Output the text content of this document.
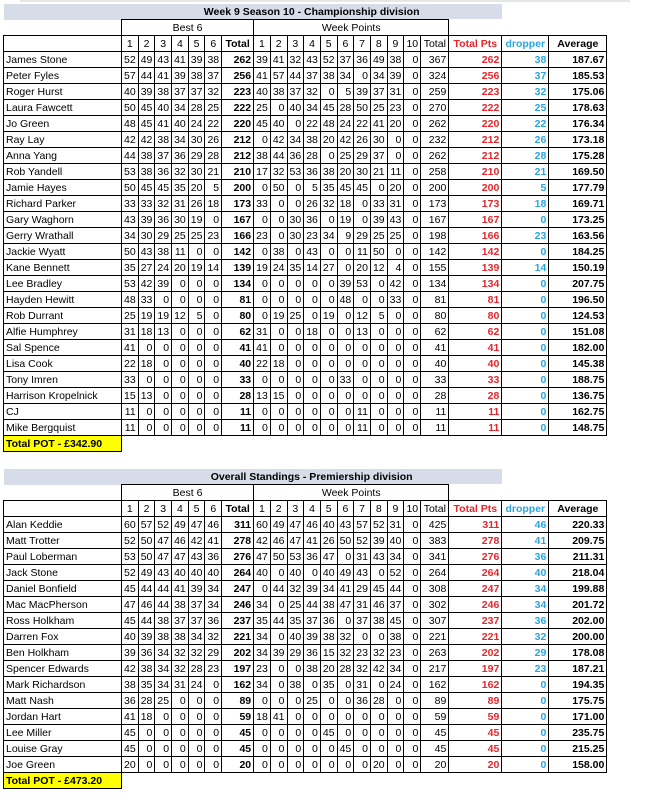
	Week 9 Season 10 - Championship division																				
	Best 6							Week Points													
	1	2	3	4	5	6	Total	1	2	3	4	5	6	7	8	9	10	Total	Total Pts	dropper	Average
James Stone	52	49	43	41	39	38	262	39	41	32	43	52	37	36	49	38	0	367	262	38	187.67
Peter Fyles	57	44	41	39	38	37	256	41	57	44	37	38	34	0	34	39	0	324	256	37	185.53
Roger Hurst	40	39	38	37	37	32	223	40	38	37	32	0	5	39	37	31	0	259	223	32	175.06
Laura Fawcett	50	45	40	34	28	25	222	25	0	40	34	45	28	50	25	23	0	270	222	25	178.63
Jo Green	48	45	41	40	24	22	220	45	40	0	22	48	24	22	41	20	0	262	220	22	176.34
Ray Lay	42	42	38	34	30	26	212	0	42	34	38	20	42	26	30	0	0	232	212	26	173.18
Anna Yang	44	38	37	36	29	28	212	38	44	36	28	0	25	29	37	0	0	262	212	28	175.28
Rob Yandell	53	38	36	32	30	21	210	17	32	53	36	38	20	30	21	11	0	258	210	21	169.50
Jamie Hayes	50	45	45	35	20	5	200	0	50	0	5	35	45	45	0	20	0	200	200	5	177.79
Richard Parker	33	33	32	31	26	18	173	33	0	0	26	32	18	0	33	31	0	173	173	18	169.71
Gary Waghorn	43	39	36	30	19	0	167	0	0	30	36	0	19	0	39	43	0	167	167	0	173.25
Gerry Wrathall	34	30	29	25	25	23	166	23	0	30	23	34	9	29	25	25	0	198	166	23	163.56
Jackie Wyatt	50	43	38	11	0	0	142	0	38	0	43	0	0	11	50	0	0	142	142	0	184.25
Kane Bennett	35	27	24	20	19	14	139	19	24	35	14	27	0	20	12	4	0	155	139	14	150.19
Lee Bradley	53	42	39	0	0	0	134	0	0	0	0	0	39	53	0	42	0	134	134	0	207.75
Hayden Hewitt	48	33	0	0	0	0	81	0	0	0	0	0	48	0	0	33	0	81	81	0	196.50
Rob Durrant	25	19	19	12	5	0	80	0	19	25	0	19	0	12	5	0	0	80	80	0	124.53
Alfie Humphrey	31	18	13	0	0	0	62	31	0	0	18	0	0	13	0	0	0	62	62	0	151.08
Sal Spence	41	0	0	0	0	0	41	41	0	0	0	0	0	0	0	0	0	41	41	0	182.00
Lisa Cook	22	18	0	0	0	0	40	22	18	0	0	0	0	0	0	0	0	40	40	0	145.38
Tony Imren	33	0	0	0	0	0	33	0	0	0	0	0	33	0	0	0	0	33	33	0	188.75
Harrison Kropelnick	15	13	0	0	0	0	28	13	15	0	0	0	0	0	0	0	0	28	28	0	136.75
CJ	11	0	0	0	0	0	11	0	0	0	0	0	0	11	0	0	0	11	11	0	162.75
Mike Bergquist	11	0	0	0	0	0	11	0	0	0	0	0	0	11	0	0	0	11	11	0	148.75
Total POT - £342.90																					
	Overall Standings - Premiership division																				
	Best 6							Week Points													
	1	2	3	4	5	6	Total	1	2	3	4	5	6	7	8	9	10	Total	Total Pts	dropper	Average
Alan Keddie	60	57	52	49	47	46	311	60	49	47	46	40	43	57	52	31	0	425	311	46	220.33
Matt Trotter	52	50	47	46	42	41	278	42	46	47	41	26	50	52	39	40	0	383	278	41	209.75
Paul Loberman	53	50	47	47	43	36	276	47	50	53	36	47	0	31	43	34	0	341	276	36	211.31
Jack Stone	52	49	43	40	40	40	264	40	0	40	0	40	49	43	0	52	0	264	264	40	218.04
Daniel Bonfield	45	44	44	41	39	34	247	0	44	32	39	34	41	29	45	44	0	308	247	34	199.88
Mac MacPherson	47	46	44	38	37	34	246	34	0	25	44	38	47	31	46	37	0	302	246	34	201.72
Ross Holkham	45	44	38	37	37	36	237	35	44	35	37	36	0	37	38	45	0	307	237	36	202.00
Darren Fox	40	39	38	38	34	32	221	34	0	40	39	38	32	0	0	38	0	221	221	32	200.00
Ben Holkham	39	36	34	32	32	29	202	34	39	29	36	15	32	23	32	23	0	263	202	29	178.08
Spencer Edwards	42	38	34	32	28	23	197	23	0	0	38	20	28	32	42	34	0	217	197	23	187.21
Mark Richardson	38	35	34	31	24	0	162	34	0	38	0	35	0	31	0	24	0	162	162	0	194.35
Matt Nash	36	28	25	0	0	0	89	0	0	0	25	0	0	36	28	0	0	89	89	0	175.75
Jordan Hart	41	18	0	0	0	0	59	18	41	0	0	0	0	0	0	0	0	59	59	0	171.00
Lee Miller	45	0	0	0	0	0	45	0	0	0	0	45	0	0	0	0	0	45	45	0	235.75
Louise Gray	45	0	0	0	0	0	45	0	0	0	0	0	45	0	0	0	0	45	45	0	215.25
Joe Green	20	0	0	0	0	0	20	0	0	0	0	0	0	0	20	0	0	20	20	0	158.00
Total POT - £473.20																					
